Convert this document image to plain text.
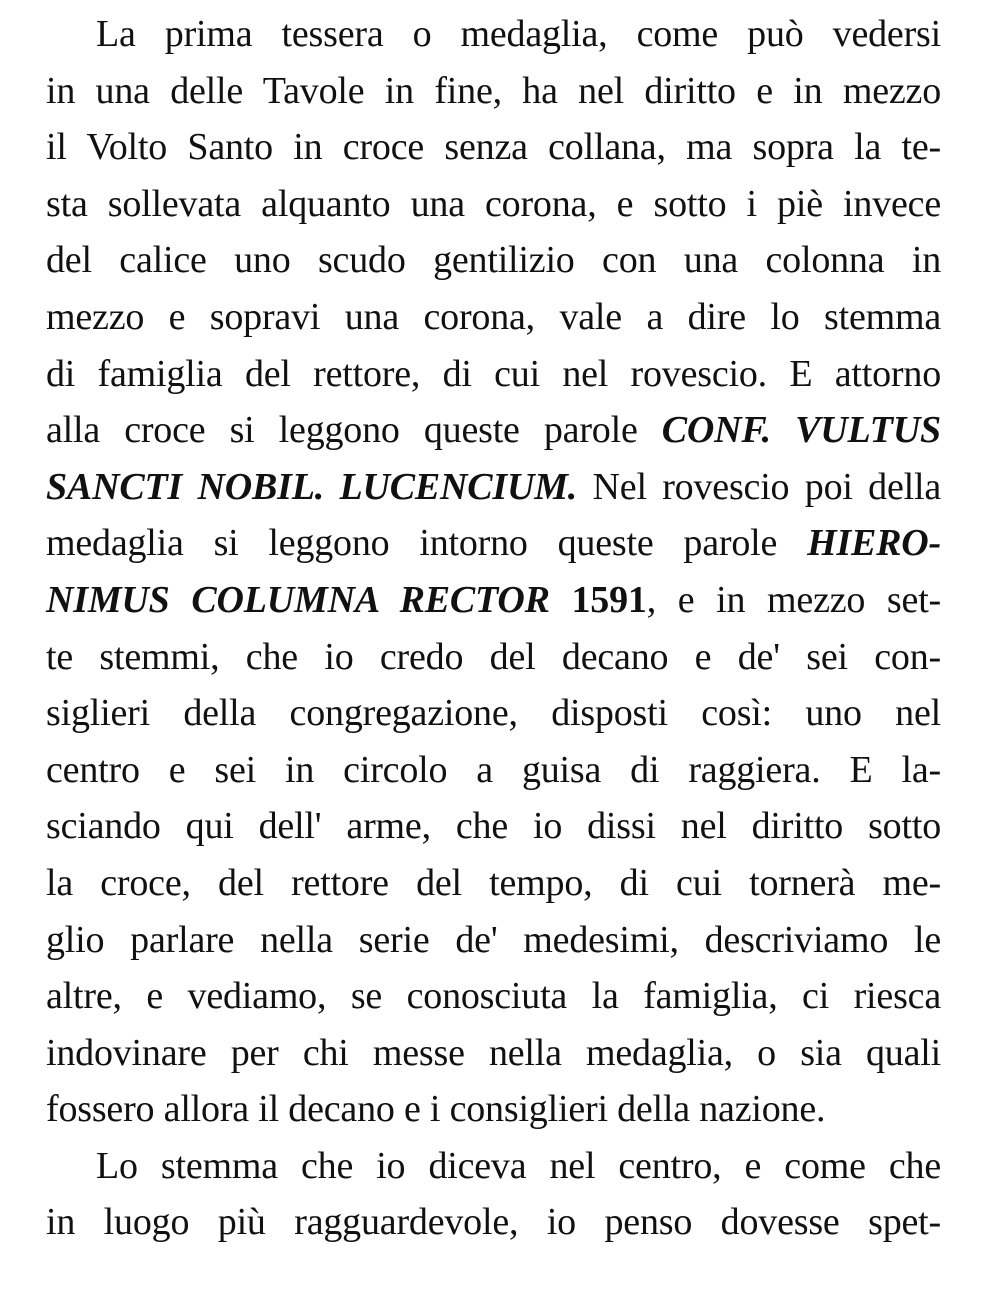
La prima tessera o medaglia, come può vedersi
in una delle Tavole in fine, ha nel diritto e in mezzo
il Volto Santo in croce senza collana, ma sopra la te-
sta sollevata alquanto una corona, e sotto i piè invece
del calice uno scudo gentilizio con una colonna in
mezzo e sopravi una corona, vale a dire lo stemma
di famiglia del rettore, di cui nel rovescio. E attorno
alla croce si leggono queste parole CONF. VULTUS
SANCTI NOBIL. LUCENCIUM. Nel rovescio poi della
medaglia si leggono intorno queste parole HIERO-
NIMUS COLUMNA RECTOR 1591, e in mezzo set-
te stemmi, che io credo del decano e de' sei con-
siglieri della congregazione, disposti così: uno nel
centro e sei in circolo a guisa di raggiera. E la-
sciando qui dell' arme, che io dissi nel diritto sotto
la croce, del rettore del tempo, di cui tornerà me-
glio parlare nella serie de' medesimi, descriviamo le
altre, e vediamo, se conosciuta la famiglia, ci riesca
indovinare per chi messe nella medaglia, o sia quali
fossero allora il decano e i consiglieri della nazione.
Lo stemma che io diceva nel centro, e come che
in luogo più ragguardevole, io penso dovesse spet-
